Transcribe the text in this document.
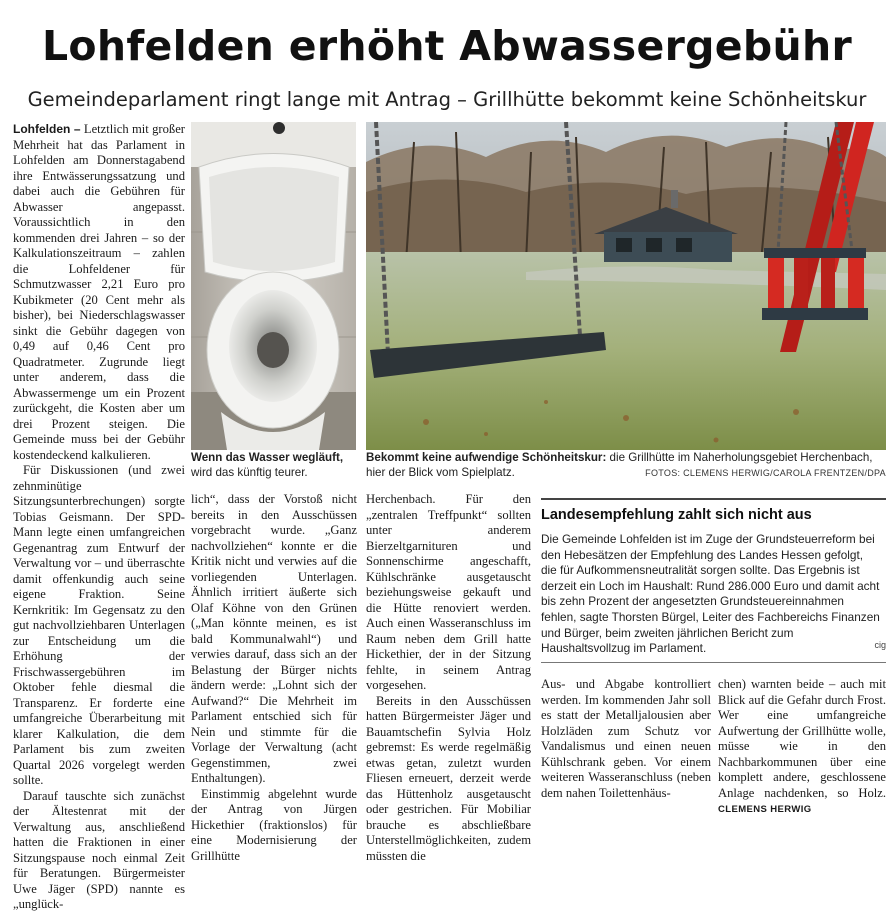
Lohfelden erhöht Abwassergebühr
Gemeindeparlament ringt lange mit Antrag – Grillhütte bekommt keine Schönheitskur

Lohfelden – Letztlich mit großer Mehrheit hat das Parlament in Lohfelden am Donnerstagabend ihre Entwässerungssatzung und dabei auch die Gebühren für Abwasser angepasst. Voraussichtlich in den kommenden drei Jahren – so der Kalkulationszeitraum – zahlen die Lohfeldener für Schmutzwasser 2,21 Euro pro Kubikmeter (20 Cent mehr als bisher), bei Niederschlagswasser sinkt die Gebühr dagegen von 0,49 auf 0,46 Cent pro Quadratmeter. Zugrunde liegt unter anderem, dass die Abwassermenge um ein Prozent zurückgeht, die Kosten aber um drei Prozent steigen. Die Gemeinde muss bei der Gebühr kostendeckend kalkulieren.

Für Diskussionen (und zwei zehnminütige Sitzungsunterbrechungen) sorgte Tobias Geismann. Der SPD-Mann legte einen umfangreichen Gegenantrag zum Entwurf der Verwaltung vor – und überraschte damit offenkundig auch seine eigene Fraktion. Seine Kernkritik: Im Gegensatz zu den gut nachvollziehbaren Unterlagen zur Entscheidung um die Erhöhung der Frischwassergebühren im Oktober fehle diesmal die Transparenz. Er forderte eine umfangreiche Überarbeitung mit klarer Kalkulation, die dem Parlament bis zum zweiten Quartal 2026 vorgelegt werden sollte.

Darauf tauschte sich zunächst der Ältestenrat mit der Verwaltung aus, anschließend hatten die Fraktionen in einer Sitzungspause noch einmal Zeit für Beratungen. Bürgermeister Uwe Jäger (SPD) nannte es „unglück-

Wenn das Wasser wegläuft, wird das künftig teurer.
Bekommt keine aufwendige Schönheitskur: die Grillhütte im Naherholungsgebiet Herchenbach, hier der Blick vom Spielplatz.	FOTOS: CLEMENS HERWIG/CAROLA FRENTZEN/DPA

lich“, dass der Vorstoß nicht bereits in den Ausschüssen vorgebracht wurde. „Ganz nachvollziehen“ konnte er die Kritik nicht und verwies auf die vorliegenden Unterlagen. Ähnlich irritiert äußerte sich Olaf Köhne von den Grünen („Man könnte meinen, es ist bald Kommunalwahl“) und verwies darauf, dass sich an der Belastung der Bürger nichts ändern werde: „Lohnt sich der Aufwand?“ Die Mehrheit im Parlament entschied sich für Nein und stimmte für die Vorlage der Verwaltung (acht Gegenstimmen, zwei Enthaltungen).

Einstimmig abgelehnt wurde der Antrag von Jürgen Hickethier (fraktionslos) für eine Modernisierung der Grillhütte

Herchenbach. Für den „zentralen Treffpunkt“ sollten unter anderem Bierzeltgarnituren und Sonnenschirme angeschafft, Kühlschränke ausgetauscht beziehungsweise gekauft und die Hütte renoviert werden. Auch einen Wasseranschluss im Raum neben dem Grill hatte Hickethier, der in der Sitzung fehlte, in seinem Antrag vorgesehen.

Bereits in den Ausschüssen hatten Bürgermeister Jäger und Bauamtschefin Sylvia Holz gebremst: Es werde regelmäßig etwas getan, zuletzt wurden Fliesen erneuert, derzeit werde das Hüttenholz ausgetauscht oder gestrichen. Für Mobiliar brauche es abschließbare Unterstellmöglichkeiten, zudem müssten die

Landesempfehlung zahlt sich nicht aus
Die Gemeinde Lohfelden ist im Zuge der Grundsteuerreform bei den Hebesätzen der Empfehlung des Landes Hessen gefolgt, die für Aufkommensneutralität sorgen sollte. Das Ergebnis ist derzeit ein Loch im Haushalt: Rund 286.000 Euro und damit acht bis zehn Prozent der angesetzten Grundsteuereinnahmen fehlen, sagte Thorsten Bürgel, Leiter des Fachbereichs Finanzen und Bürger, beim zweiten jährlichen Bericht zum Haushaltsvollzug im Parlament.	cig

Aus- und Abgabe kontrolliert werden. Im kommenden Jahr soll es statt der Metalljalousien aber Holzläden zum Schutz vor Vandalismus und einen neuen Kühlschrank geben. Vor einem weiteren Wasseranschluss (neben dem nahen Toilettenhäus-

chen) warnten beide – auch mit Blick auf die Gefahr durch Frost. Wer eine umfangreiche Aufwertung der Grillhütte wolle, müsse wie in den Nachbarkommunen über eine komplett andere, geschlossene Anlage nachdenken, so Holz. CLEMENS HERWIG
